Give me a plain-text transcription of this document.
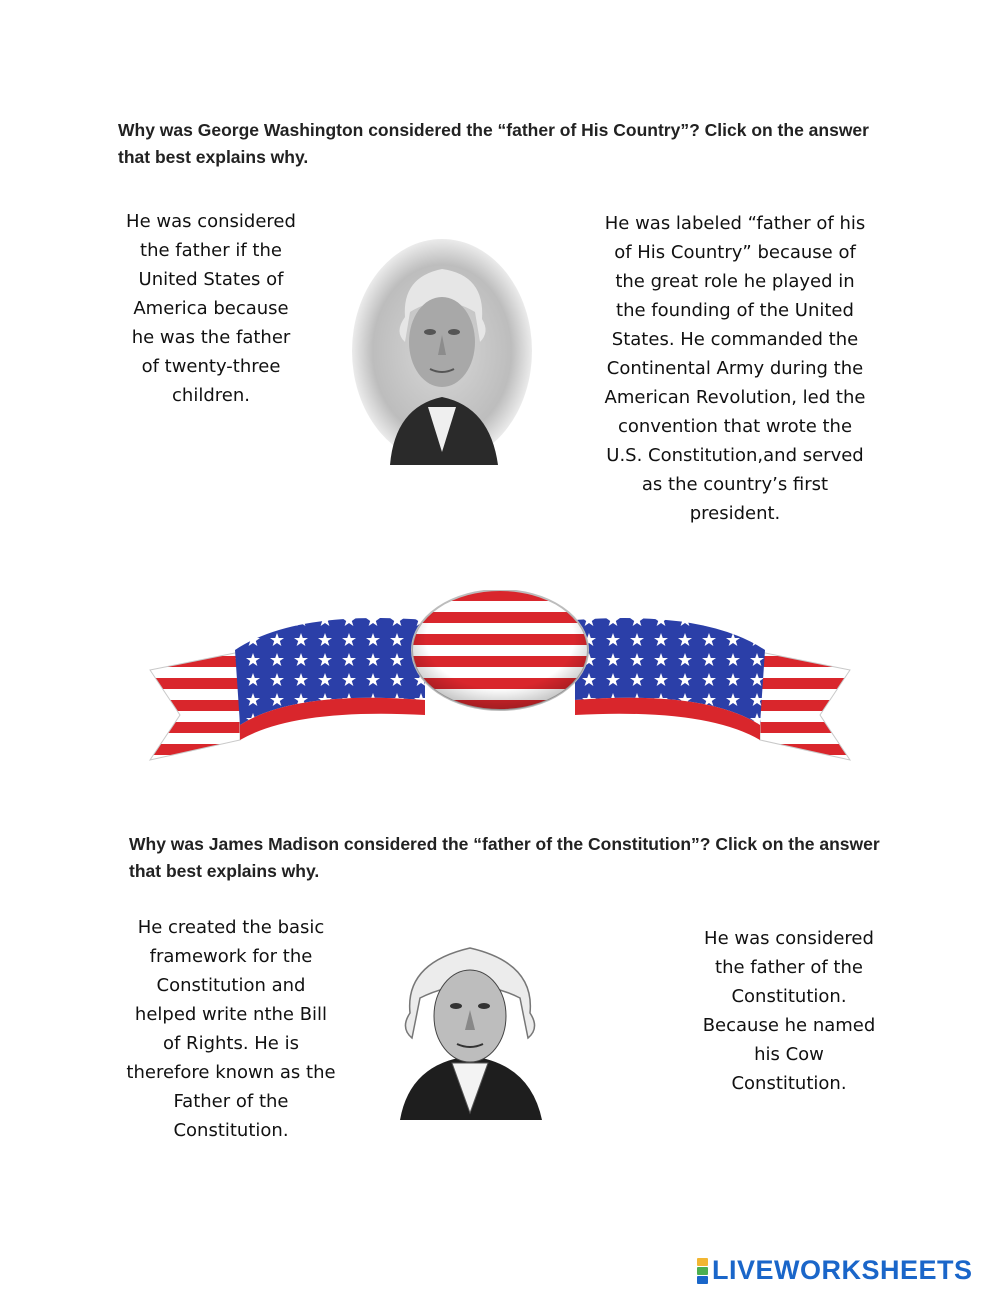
Why was George Washington considered the “father of His Country”? Click on the answer that best explains why.
He was considered the father if the United States of America because he was the father of twenty-three children.
He was labeled “father of his of His Country” because of the great role he played in the founding of the United States. He commanded the Continental Army during the American Revolution, led the convention that wrote the U.S. Constitution,and served as the country’s first president.
Why was James Madison considered the “father of the Constitution”? Click on the answer that best explains why.
He created the basic framework for the Constitution and helped write nthe Bill of Rights. He is therefore known as the Father of the Constitution.
He was considered the father of the Constitution. Because he named his Cow Constitution.
LIVEWORKSHEETS
